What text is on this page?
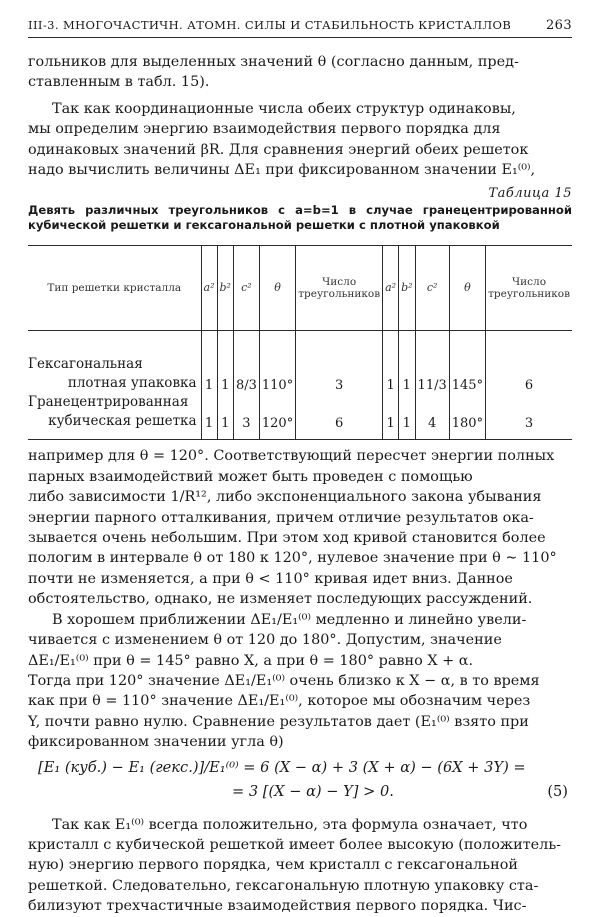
III-3. МНОГОЧАСТИЧН. АТОМН. СИЛЫ И СТАБИЛЬНОСТЬ КРИСТАЛЛОВ	263

гольников для выделенных значений θ (согласно данным, пред-

ставленным в табл. 15).

Так как координационные числа обеих структур одинаковы,

мы определим энергию взаимодействия первого порядка для

одинаковых значений βR. Для сравнения энергий обеих решеток

надо вычислить величины ΔE₁ при фиксированном значении E₁⁽⁰⁾,

Таблица 15
Девять различных треугольников с a=b=1 в случае гранецентрированной кубической решетки и гексагональной решетки с плотной упаковкой
Тип решетки кристалла	a²	b²	c²	θ	Число треугольников	a²	b²	c²	θ	Число треугольников

Гексагональная плотная упаковка	1	1	8/3	110°	3	1	1	11/3	145°	6

Гранецентрированная кубическая решетка	1	1	3	120°	6	1	1	4	180°	3

например для θ = 120°. Соответствующий пересчет энергии полных

парных взаимодействий может быть проведен с помощью

либо зависимости 1/R¹², либо экспоненциального закона убывания

энергии парного отталкивания, причем отличие результатов ока-

зывается очень небольшим. При этом ход кривой становится более

пологим в интервале θ от 180 к 120°, нулевое значение при θ ∼ 110°

почти не изменяется, а при θ < 110° кривая идет вниз. Данное

обстоятельство, однако, не изменяет последующих рассуждений.

В хорошем приближении ΔE₁/E₁⁽⁰⁾ медленно и линейно увели-

чивается с изменением θ от 120 до 180°. Допустим, значение

ΔE₁/E₁⁽⁰⁾ при θ = 145° равно X, а при θ = 180° равно X + α.

Тогда при 120° значение ΔE₁/E₁⁽⁰⁾ очень близко к X − α, в то время

как при θ = 110° значение ΔE₁/E₁⁽⁰⁾, которое мы обозначим через

Y, почти равно нулю. Сравнение результатов дает (E₁⁽⁰⁾ взято при

фиксированном значении угла θ)

[E₁ (куб.) − E₁ (гекс.)]/E₁⁽⁰⁾ = 6 (X − α) + 3 (X + α) − (6X + 3Y) =
= 3 [(X − α) − Y] > 0.	(5)

Так как E₁⁽⁰⁾ всегда положительно, эта формула означает, что

кристалл с кубической решеткой имеет более высокую (положитель-

ную) энергию первого порядка, чем кристалл с гексагональной

решеткой. Следовательно, гексагональную плотную упаковку ста-

билизуют трехчастичные взаимодействия первого порядка. Чис-
